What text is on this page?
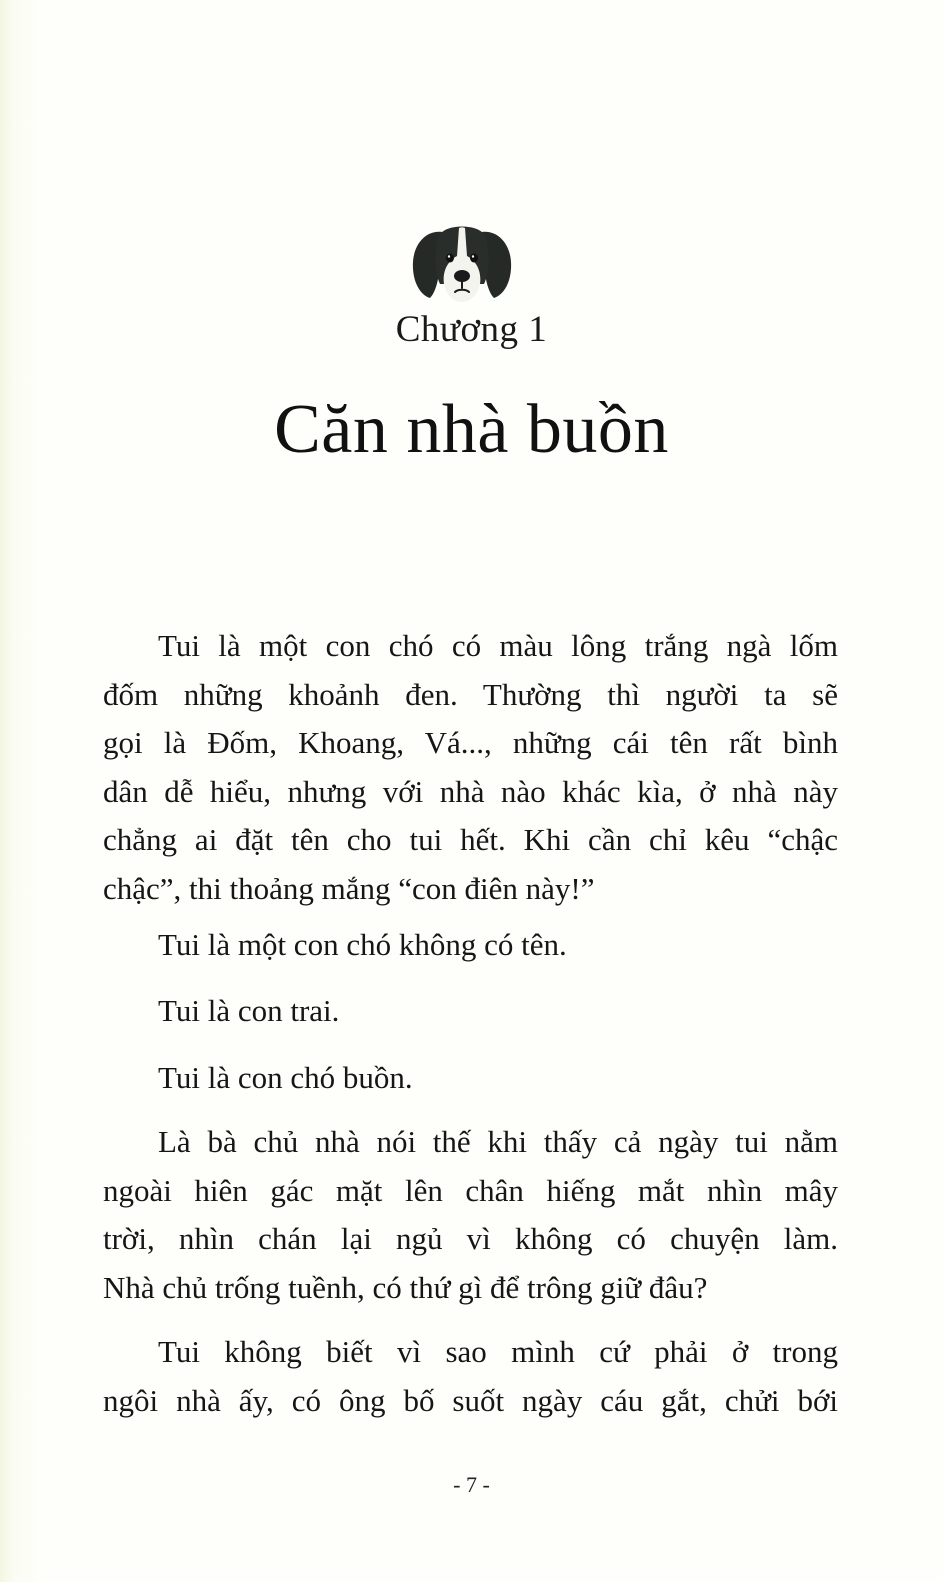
Chương 1
Căn nhà buồn
Tui là một con chó có màu lông trắng ngà lốm
đốm những khoảnh đen. Thường thì người ta sẽ
gọi là Đốm, Khoang, Vá..., những cái tên rất bình
dân dễ hiểu, nhưng với nhà nào khác kìa, ở nhà này
chẳng ai đặt tên cho tui hết. Khi cần chỉ kêu “chậc
chậc”, thi thoảng mắng “con điên này!”
Tui là một con chó không có tên.
Tui là con trai.
Tui là con chó buồn.
Là bà chủ nhà nói thế khi thấy cả ngày tui nằm
ngoài hiên gác mặt lên chân hiếng mắt nhìn mây
trời, nhìn chán lại ngủ vì không có chuyện làm.
Nhà chủ trống tuềnh, có thứ gì để trông giữ đâu?
Tui không biết vì sao mình cứ phải ở trong
ngôi nhà ấy, có ông bố suốt ngày cáu gắt, chửi bới
- 7 -
